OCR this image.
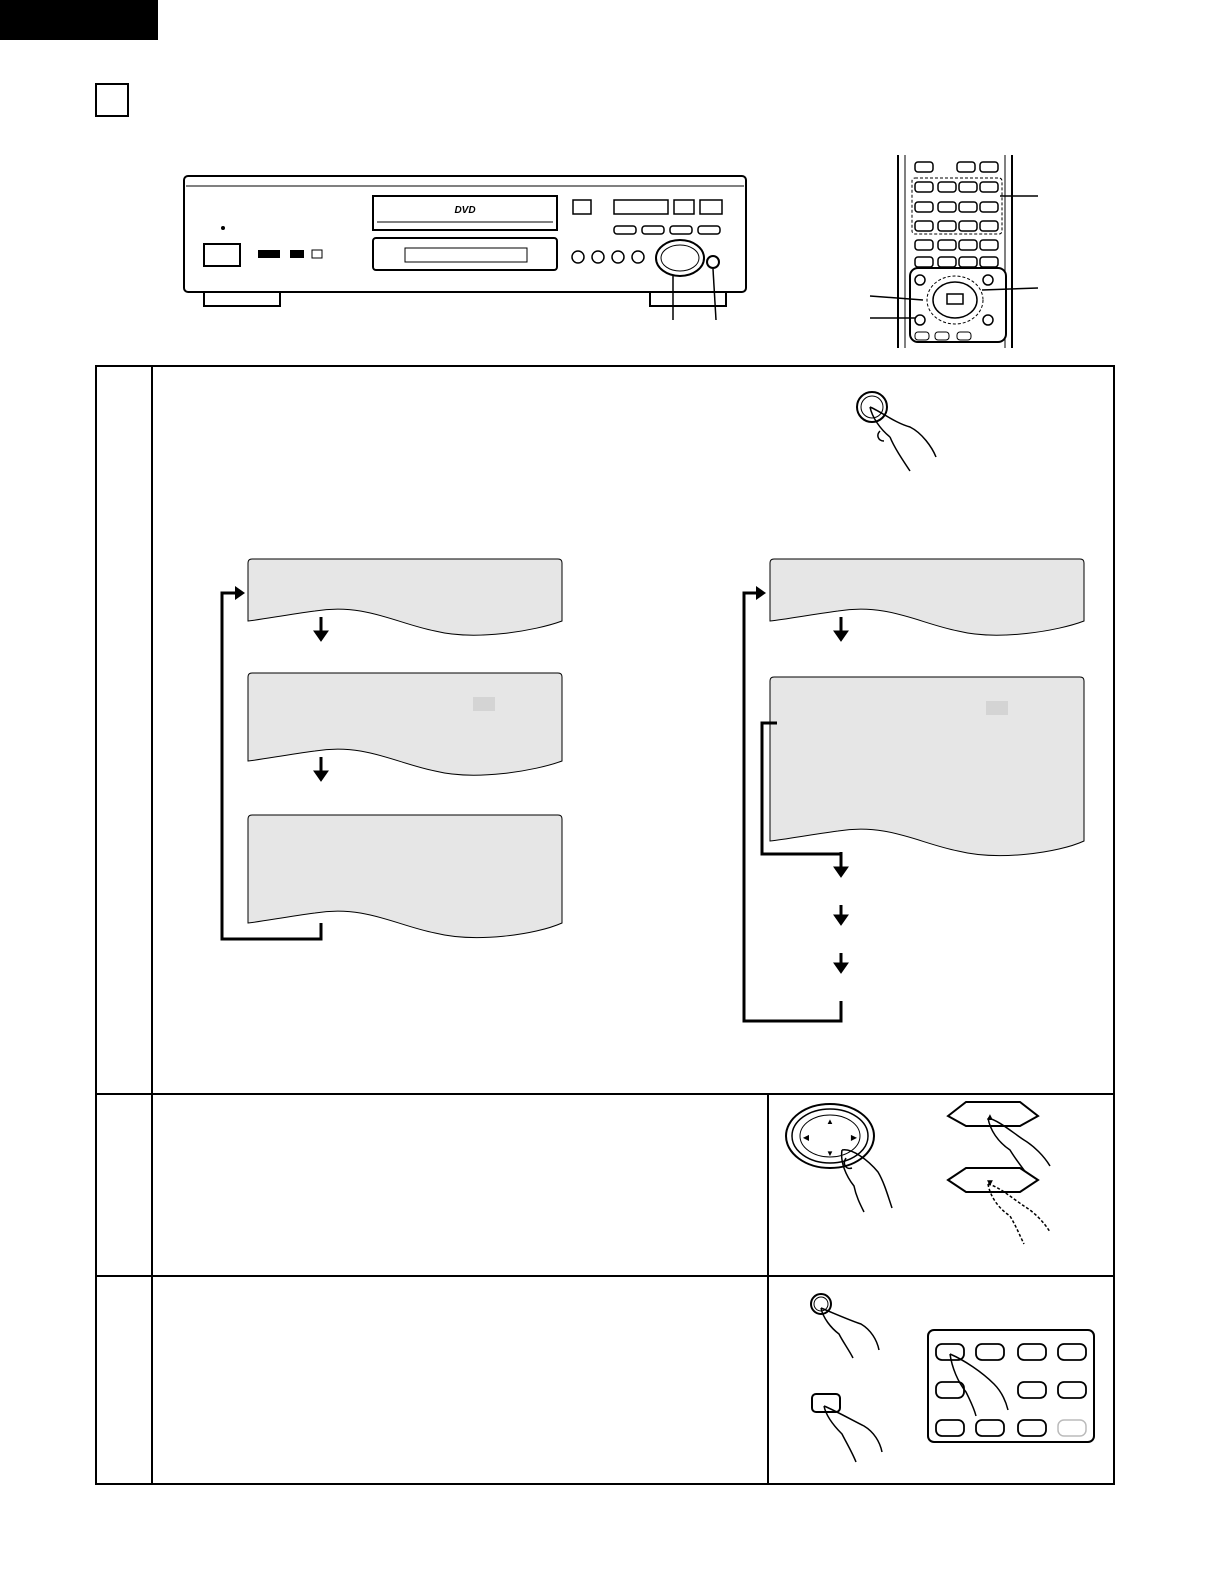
DVD
▲
▼
◀	▶
▲
▼
